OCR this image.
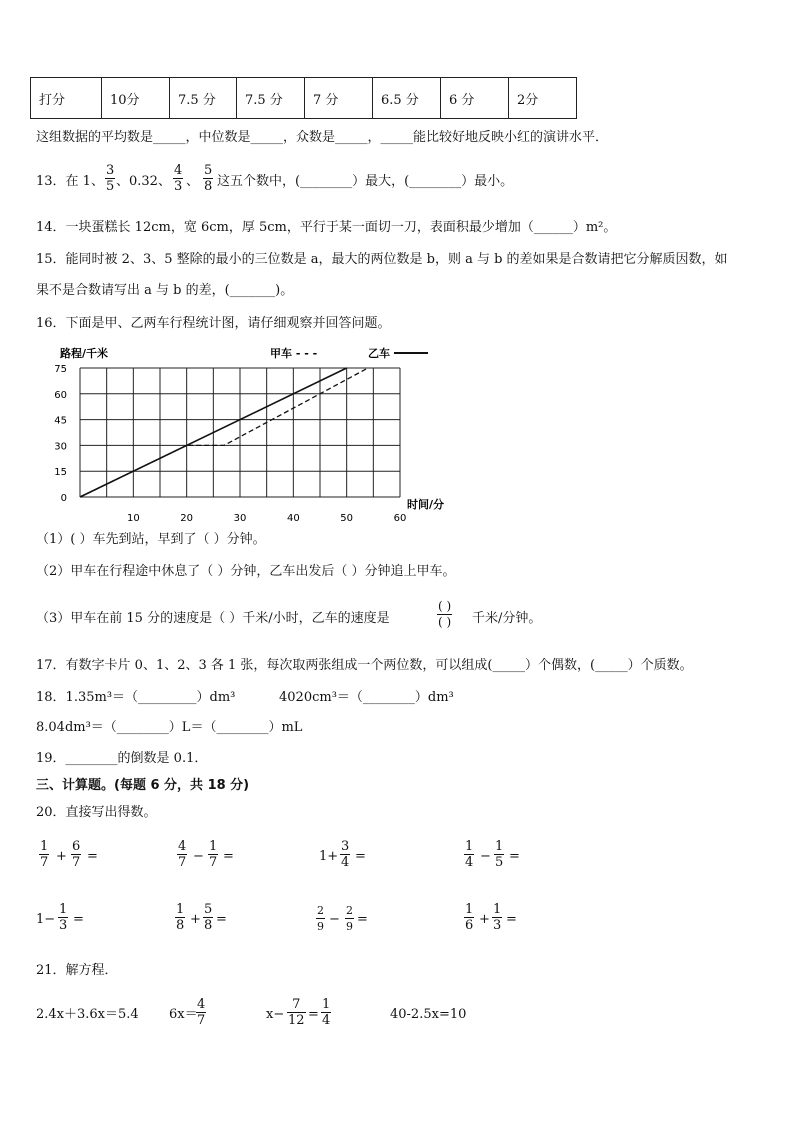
打分	10分	7.5 分	7.5 分	7 分	6.5 分	6 分	2分
这组数据的平均数是_____，中位数是_____，众数是_____，_____能比较好地反映小红的演讲水平．
13．在 1、
3
5 、0.32、
4
3 、
5
8 这五个数中，(________）最大，(________）最小。
14．一块蛋糕长 12cm，宽 6cm，厚 5cm，平行于某一面切一刀，表面积最少增加（______）m²。
15．能同时被 2、3、5 整除的最小的三位数是 a，最大的两位数是 b，则 a 与 b 的差如果是合数请把它分解质因数，如
果不是合数请写出 a 与 b 的差，(_______)。
16．下面是甲、乙两车行程统计图，请仔细观察并回答问题。
路程/千米
时间/分
甲车 - - -	乙车
0
15
30
45
60
75
10	20	30	40	50	60
（1）( ）车先到站，早到了（ ）分钟。
（2）甲车在行程途中休息了（ ）分钟，乙车出发后（ ）分钟追上甲车。
（3）甲车在前 15 分的速度是（ ）千米/小时，乙车的速度是
( )
( ) 千米/分钟。
17．有数字卡片 0、1、2、3 各 1 张，每次取两张组成一个两位数，可以组成(_____）个偶数，(_____）个质数。
18．1.35m³＝（_________）dm³	4020cm³＝（________）dm³
8.04dm³＝（________）L＝（________）mL
19．________的倒数是 0.1．
三、计算题。(每题 6 分，共 18 分)
20．直接写出得数。
1
7 +
6
7 =
4
7 −
1
7 =	1+
3
4 =
1
4 −
1
5 =
1−
1
3 =
1
8 +
5
8 =
2
9 −
2
9 =
1
6 +
1
3 =
21．解方程．
2.4x＋3.6x＝5.4 6x＝
4
7	x−
7
12 =
1
4	40-2.5x=10
